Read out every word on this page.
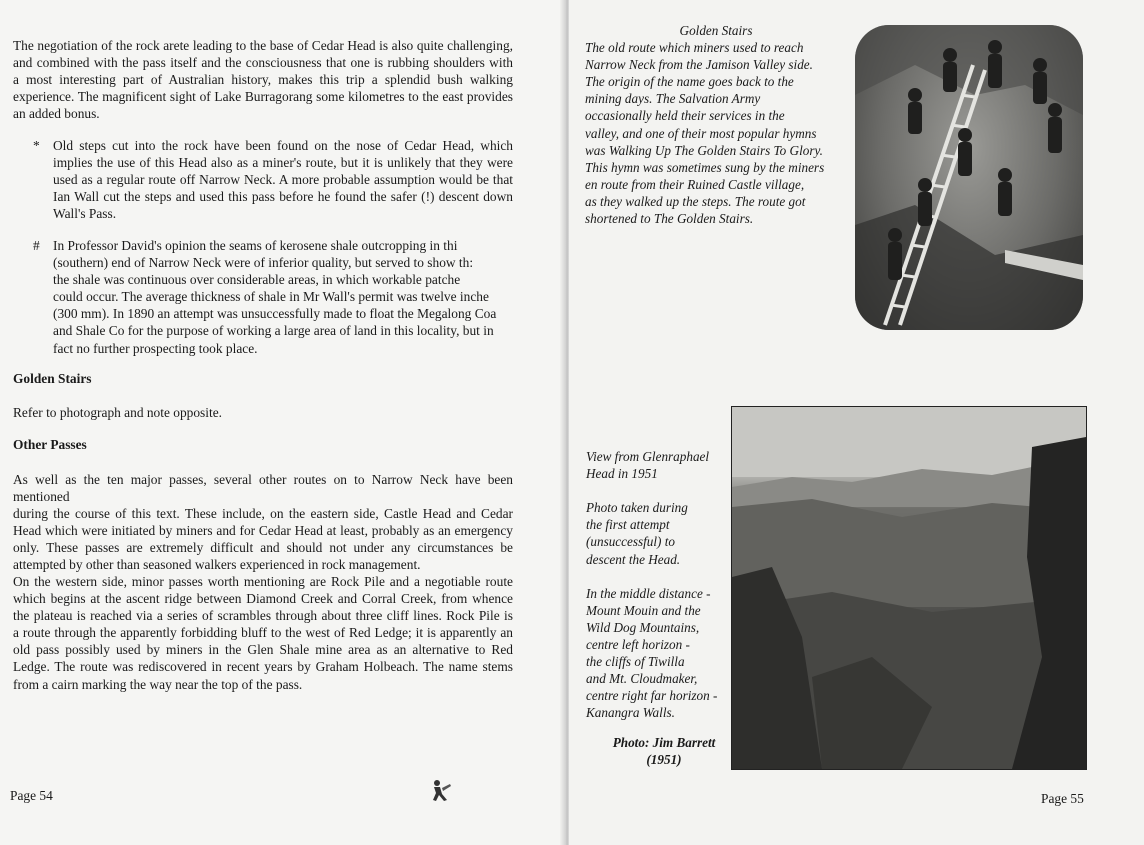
The negotiation of the rock arete leading to the base of Cedar Head is also quite challenging,
and combined with the pass itself and the consciousness that one is rubbing shoulders with
a most interesting part of Australian history, makes this trip a splendid bush walking
experience. The magnificent sight of Lake Burragorang some kilometres to the east provides
an added bonus.
* Old steps cut into the rock have been found on the nose of Cedar Head, which
implies the use of this Head also as a miner's route, but it is unlikely that they were
used as a regular route off Narrow Neck. A more probable assumption would be that
Ian Wall cut the steps and used this pass before he found the safer (!) descent down
Wall's Pass.
# In Professor David's opinion the seams of kerosene shale outcropping in thi
(southern) end of Narrow Neck were of inferior quality, but served to show th:
the shale was continuous over considerable areas, in which workable patche
could occur. The average thickness of shale in Mr Wall's permit was twelve inche
(300 mm). In 1890 an attempt was unsuccessfully made to float the Megalong Coa
and Shale Co for the purpose of working a large area of land in this locality, but in
fact no further prospecting took place.

Golden Stairs

Refer to photograph and note opposite.

Other Passes

As well as the ten major passes, several other routes on to Narrow Neck have been mentioned
during the course of this text. These include, on the eastern side, Castle Head and Cedar
Head which were initiated by miners and for Cedar Head at least, probably as an emergency
only. These passes are extremely difficult and should not under any circumstances be
attempted by other than seasoned walkers experienced in rock management.
On the western side, minor passes worth mentioning are Rock Pile and a negotiable route
which begins at the ascent ridge between Diamond Creek and Corral Creek, from whence
the plateau is reached via a series of scrambles through about three cliff lines. Rock Pile is
a route through the apparently forbidding bluff to the west of Red Ledge; it is apparently an
old pass possibly used by miners in the Glen Shale mine area as an alternative to Red
Ledge. The route was rediscovered in recent years by Graham Holbeach. The name stems
from a cairn marking the way near the top of the pass.
Page 54
Golden Stairs
The old route which miners used to reach
Narrow Neck from the Jamison Valley side.
The origin of the name goes back to the
mining days. The Salvation Army
occasionally held their services in the
valley, and one of their most popular hymns
was Walking Up The Golden Stairs To Glory.
This hymn was sometimes sung by the miners
en route from their Ruined Castle village,
as they walked up the steps. The route got
shortened to The Golden Stairs.
View from Glenraphael
Head in 1951
Photo taken during
the first attempt
(unsuccessful) to
descent the Head.
In the middle distance -
Mount Mouin and the
Wild Dog Mountains,
centre left horizon -
the cliffs of Tiwilla
and Mt. Cloudmaker,
centre right far horizon -
Kanangra Walls.
Photo: Jim Barrett
(1951)
Page 55
